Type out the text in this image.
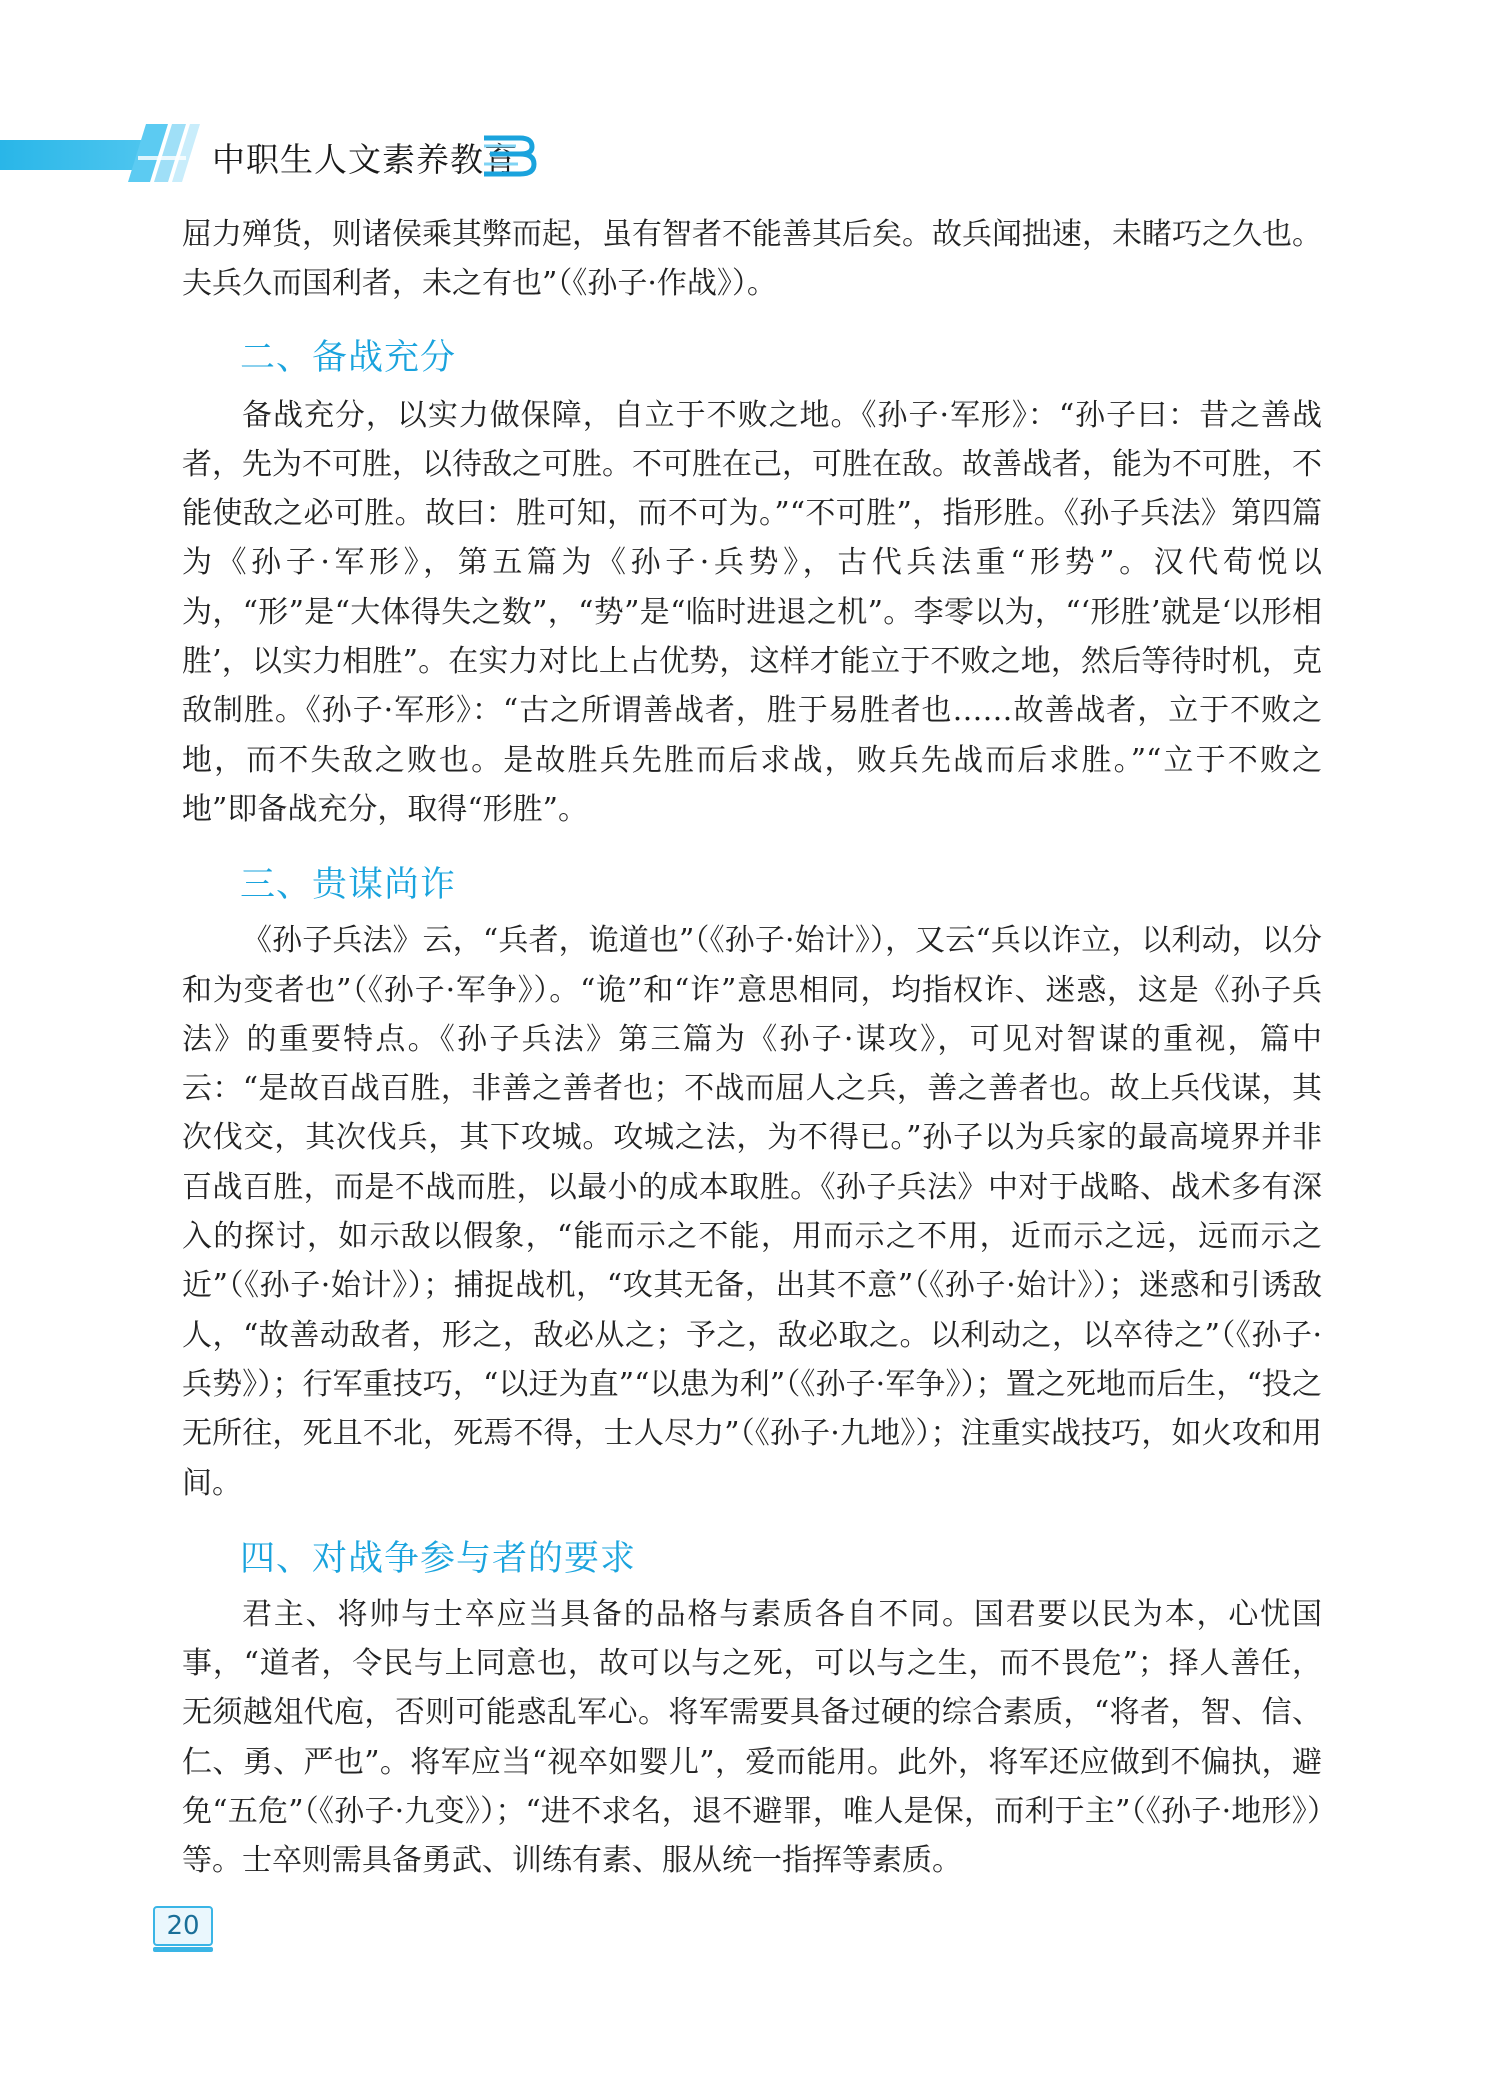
中职生人文素养教育

屈力殚货，则诸侯乘其弊而起，虽有智者不能善其后矣。故兵闻拙速，未睹巧之久也。夫兵久而国利者，未之有也”（《孙子·作战》）。

二、备战充分

备战充分，以实力做保障，自立于不败之地。《孙子·军形》：“孙子曰：昔之善战者，先为不可胜，以待敌之可胜。不可胜在己，可胜在敌。故善战者，能为不可胜，不能使敌之必可胜。故曰：胜可知，而不可为。”“不可胜”，指形胜。《孙子兵法》第四篇为《孙子·军形》，第五篇为《孙子·兵势》，古代兵法重“形势”。汉代荀悦以为，“形”是“大体得失之数”，“势”是“临时进退之机”。李零以为，“‘形胜’就是‘以形相胜’，以实力相胜”。在实力对比上占优势，这样才能立于不败之地，然后等待时机，克敌制胜。《孙子·军形》：“古之所谓善战者，胜于易胜者也……故善战者，立于不败之地，而不失敌之败也。是故胜兵先胜而后求战，败兵先战而后求胜。”“立于不败之地”即备战充分，取得“形胜”。

三、贵谋尚诈

《孙子兵法》云，“兵者，诡道也”（《孙子·始计》），又云“兵以诈立，以利动，以分和为变者也”（《孙子·军争》）。“诡”和“诈”意思相同，均指权诈、迷惑，这是《孙子兵法》的重要特点。《孙子兵法》第三篇为《孙子·谋攻》，可见对智谋的重视，篇中云：“是故百战百胜，非善之善者也；不战而屈人之兵，善之善者也。故上兵伐谋，其次伐交，其次伐兵，其下攻城。攻城之法，为不得已。”孙子以为兵家的最高境界并非百战百胜，而是不战而胜，以最小的成本取胜。《孙子兵法》中对于战略、战术多有深入的探讨，如示敌以假象，“能而示之不能，用而示之不用，近而示之远，远而示之近”（《孙子·始计》）；捕捉战机，“攻其无备，出其不意”（《孙子·始计》）；迷惑和引诱敌人，“故善动敌者，形之，敌必从之；予之，敌必取之。以利动之，以卒待之”（《孙子·兵势》）；行军重技巧，“以迂为直”“以患为利”（《孙子·军争》）；置之死地而后生，“投之无所往，死且不北，死焉不得，士人尽力”（《孙子·九地》）；注重实战技巧，如火攻和用间。

四、对战争参与者的要求

君主、将帅与士卒应当具备的品格与素质各自不同。国君要以民为本，心忧国事，“道者，令民与上同意也，故可以与之死，可以与之生，而不畏危”；择人善任，无须越俎代庖，否则可能惑乱军心。将军需要具备过硬的综合素质，“将者，智、信、仁、勇、严也”。将军应当“视卒如婴儿”，爱而能用。此外，将军还应做到不偏执，避免“五危”（《孙子·九变》）；“进不求名，退不避罪，唯人是保，而利于主”（《孙子·地形》）等。士卒则需具备勇武、训练有素、服从统一指挥等素质。

20
